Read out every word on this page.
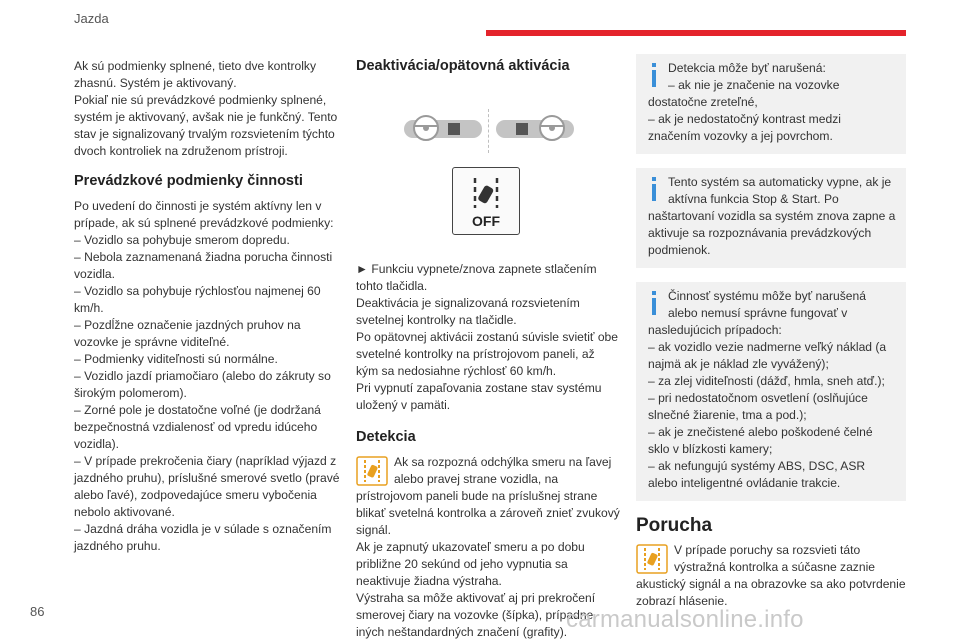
Jazda

Ak sú podmienky splnené, tieto dve kontrolky zhasnú. Systém je aktivovaný.

Pokiaľ nie sú prevádzkové podmienky splnené, systém je aktivovaný, avšak nie je funkčný. Tento stav je signalizovaný trvalým rozsvietením týchto dvoch kontroliek na združenom prístroji.

Prevádzkové podmienky činnosti

Po uvedení do činnosti je systém aktívny len v prípade, ak sú splnené prevádzkové podmienky:

– Vozidlo sa pohybuje smerom dopredu.

– Nebola zaznamenaná žiadna porucha činnosti vozidla.

– Vozidlo sa pohybuje rýchlosťou najmenej 60 km/h.

– Pozdĺžne označenie jazdných pruhov na vozovke je správne viditeľné.

– Podmienky viditeľnosti sú normálne.

– Vozidlo jazdí priamočiaro (alebo do zákruty so širokým polomerom).

– Zorné pole je dostatočne voľné (je dodržaná bezpečnostná vzdialenosť od vpredu idúceho vozidla).

– V prípade prekročenia čiary (napríklad výjazd z jazdného pruhu), príslušné smerové svetlo (pravé alebo ľavé), zodpovedajúce smeru vybočenia nebolo aktivované.

– Jazdná dráha vozidla je v súlade s označením jazdného pruhu.

Deaktivácia/opätovná aktivácia
OFF

► Funkciu vypnete/znova zapnete stlačením tohto tlačidla.

Deaktivácia je signalizovaná rozsvietením svetelnej kontrolky na tlačidle.

Po opätovnej aktivácii zostanú súvisle svietiť obe svetelné kontrolky na prístrojovom paneli, až kým sa nedosiahne rýchlosť 60 km/h.

Pri vypnutí zapaľovania zostane stav systému uložený v pamäti.

Detekcia

Ak sa rozpozná odchýlka smeru na ľavej alebo pravej strane vozidla, na prístrojovom paneli bude na príslušnej strane blikať svetelná kontrolka a zároveň znieť zvukový signál.

Ak je zapnutý ukazovateľ smeru a po dobu približne 20 sekúnd od jeho vypnutia sa neaktivuje žiadna výstraha.

Výstraha sa môže aktivovať aj pri prekročení smerovej čiary na vozovke (šípka), prípadne iných neštandardných značení (grafity).

Detekcia môže byť narušená:

– ak nie je značenie na vozovke dostatočne zreteľné,

– ak je nedostatočný kontrast medzi značením vozovky a jej povrchom.

Tento systém sa automaticky vypne, ak je aktívna funkcia Stop & Start. Po naštartovaní vozidla sa systém znova zapne a aktivuje sa rozpoznávania prevádzkových podmienok.

Činnosť systému môže byť narušená alebo nemusí správne fungovať v nasledujúcich prípadoch:

– ak vozidlo vezie nadmerne veľký náklad (a najmä ak je náklad zle vyvážený);

– za zlej viditeľnosti (dážď, hmla, sneh atď.);

– pri nedostatočnom osvetlení (oslňujúce slnečné žiarenie, tma a pod.);

– ak je znečistené alebo poškodené čelné sklo v blízkosti kamery;

– ak nefungujú systémy ABS, DSC, ASR alebo inteligentné ovládanie trakcie.

Porucha

V prípade poruchy sa rozsvieti táto výstražná kontrolka a súčasne zaznie akustický signál a na obrazovke sa ako potvrdenie zobrazí hlásenie.

86	carmanualsonline.info
